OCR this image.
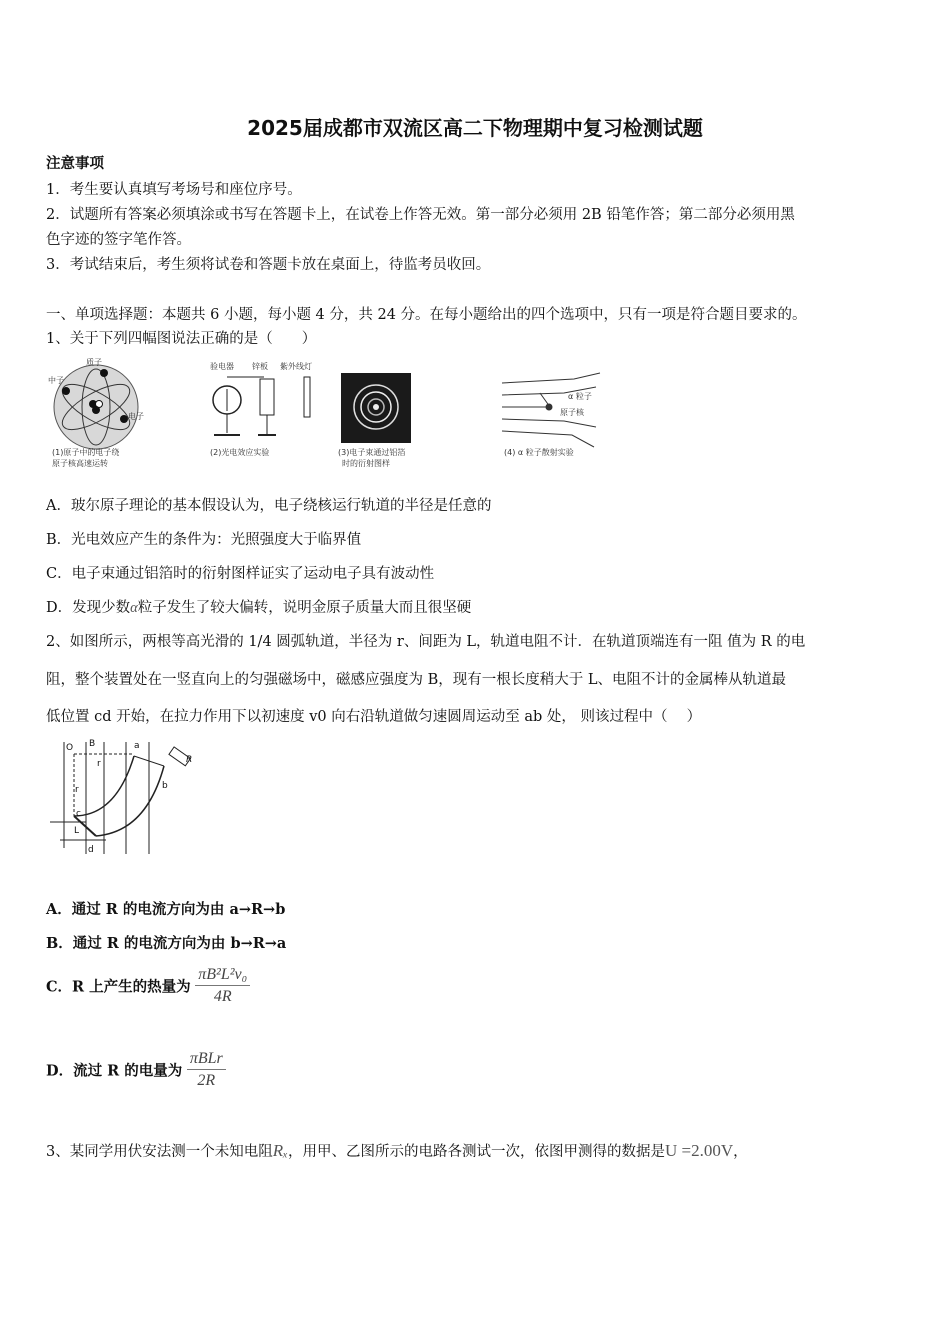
2025届成都市双流区高二下物理期中复习检测试题
注意事项
1．考生要认真填写考场号和座位序号。
2．试题所有答案必须填涂或书写在答题卡上，在试卷上作答无效。第一部分必须用 2B 铅笔作答；第二部分必须用黑
色字迹的签字笔作答。
3．考试结束后，考生须将试卷和答题卡放在桌面上，待监考员收回。
一、单项选择题：本题共 6 小题，每小题 4 分，共 24 分。在每小题给出的四个选项中，只有一项是符合题目要求的。
1、关于下列四幅图说法正确的是（　　）
质子
中子
电子
(1)原子中的电子绕
原子核高速运转
验电器 锌板 紫外线灯
(2)光电效应实验	(3)电子束通过铝箔
时的衍射图样
α 粒子
原子核
(4) α 粒子散射实验
A．玻尔原子理论的基本假设认为，电子绕核运行轨道的半径是任意的
B．光电效应产生的条件为：光照强度大于临界值
C．电子束通过铝箔时的衍射图样证实了运动电子具有波动性
D．发现少数α粒子发生了较大偏转，说明金原子质量大而且很坚硬
2、如图所示，两根等高光滑的 1/4 圆弧轨道，半径为 r、间距为 L，轨道电阻不计．在轨道顶端连有一阻 值为 R 的电
阻，整个装置处在一竖直向上的匀强磁场中，磁感应强度为 B，现有一根长度稍大于 L、电阻不计的金属棒从轨道最
低位置 cd 开始，在拉力作用下以初速度 v0 向右沿轨道做匀速圆周运动至 ab 处， 则该过程中（　 ）
O B
r
a
R
b
r
c
L
d
A．通过 R 的电流方向为由 a→R→b
B．通过 R 的电流方向为由 b→R→a
C．R 上产生的热量为 $\frac{\text{πB²L²v₀}}{4R}$
D．流过 R 的电量为 $\frac{\text{πBLr}}{2R}$
3、某同学用伏安法测一个未知电阻Rₓ，用甲、乙图所示的电路各测试一次，依图甲测得的数据是U =2.00V，
